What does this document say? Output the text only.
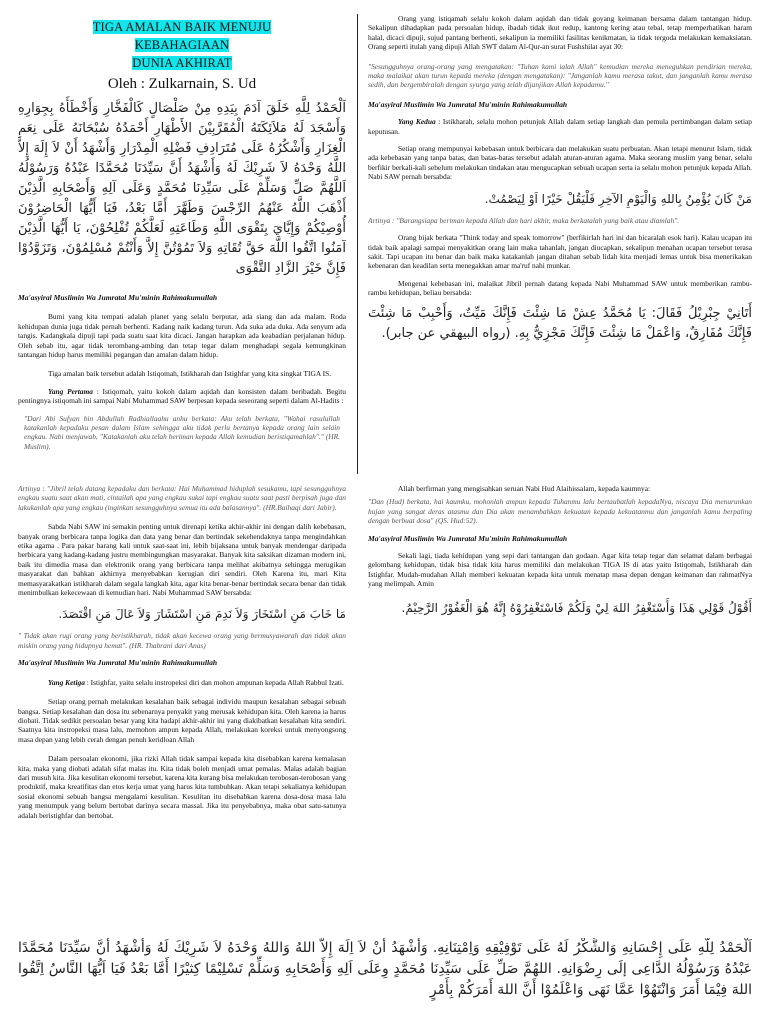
TIGA AMALAN BAIK MENUJU KEBAHAGIAAN
DUNIA AKHIRAT
Oleh : Zulkarnain, S. Ud

اَلْحَمْدُ لِلَّهِ خَلَقَ آدَمَ بِيَدِهِ مِنْ صَلْصَالٍ كَالْفَخَّارِ وَأَخْطَأَهُ بِجِوَارِهِ وَأَسْجَدَ لَهُ مَلاَئِكَتَهُ الْمُقَرَّبِيْنَ الأَطْهَارِ أَحْمَدُهُ سُبْحَانَهُ عَلَى نِعَمِ الْغِزَارِ وَأَشْكُرُهُ عَلَى مُتَرَادِفِ فَضْلِهِ الْمِدْرَارِ وَأَشْهَدُ أَنْ لاَ إِلَهَ إِلاَّ اللَّهُ وَحْدَهُ لاَ شَرِيْكَ لَهُ وَأَشْهَدُ أَنَّ سَيِّدَنَا مُحَمَّدًا عَبْدُهُ وَرَسُوْلُهُ اَللَّهُمَّ صَلِّ وَسَلِّمْ عَلَى سَيِّدِنَا مُحَمَّدٍ وَعَلَى آلِهِ وَأَصْحَابِهِ الَّذِيْنَ أَذْهَبَ اللَّهُ عَنْهُمُ الرِّجْسَ وَطَهَّرَ أَمَّا بَعْدُ، فَيَا أَيُّهَا الْحَاضِرُوْنَ أُوْصِيْكُمْ وَإِيَّايَ بِتَقْوَى اللَّهِ وَطَاعَتِهِ لَعَلَّكُمْ تُفْلِحُوْنَ، يَا أَيُّهَا الَّذِيْنَ آمَنُوا اتَّقُوا اللَّهَ حَقَّ تُقَاتِهِ وَلاَ تَمُوْتُنَّ إِلاَّ وَأَنْتُمْ مُسْلِمُوْنَ، وَتَزَوَّدُوْا فَإِنَّ خَيْرَ الزَّادِ التَّقْوَى

Ma'asyiral Muslimin Wa Jumratal Mu'minin Rahimakumullah

Bumi yang kita tempati adalah planet yang selalu berputar, ada siang dan ada malam. Roda kehidupan dunia juga tidak pernah berhenti. Kadang naik kadang turun. Ada suka ada duka. Ada senyum ada tangis. Kadangkala dipuji tapi pada suatu saat kita dicaci. Jangan harapkan ada keabadian perjalanan hidup. Oleh sebab itu, agar tidak terombang-ambing dan tetap tegar dalam menghadapi segala kemungkinan tantangan hidup harus memiliki pegangan dan amalan dalam hidup.

Tiga amalan baik tersebut adalah Istiqomah, Istikharah dan Istighfar yang kita singkat TIGA IS.

Yang Pertama : Istiqomah, yaitu kokoh dalam aqidah dan konsisten dalam beribadah. Begitu pentingnya istiqomah ini sampai Nabi Muhammad SAW berpesan kepada seseorang seperti dalam Al-Hadits :

"Dari Abi Sufyan bin Abdullah Radhiallaahu anhu berkata: Aku telah berkata, "Wahai rasulullah katakanlah kepadaku pesan dalam Islam sehingga aku tidak perlu bertanya kepada orang lain selain engkau. Nabi menjawab, "Katakanlah aku telah beriman kepada Allah kemudian beristiqamahlah"." (HR. Muslim).

Orang yang istiqamah selalu kokoh dalam aqidah dan tidak goyang keimanan bersama dalam tantangan hidup. Sekalipun dihadapkan pada persoalan hidup, ibadah tidak ikut redup, kantong kering atau tebal, tetap memperhatikan haram halal, dicaci dipuji, sujud pantang berhenti, sekalipun ia memiliki fasilitas kenikmatan, ia tidak tergoda melakukan kemaksiatan. Orang seperti itulah yang dipuji Allah SWT dalam Al-Qur-an surat Fushshilat ayat 30:

"Sesungguhnya orang-orang yang mengatakan: "Tuhan kami ialah Allah" kemudian mereka meneguhkan pendirian mereka, maka malaikat akan turun kepada mereka (dengan mengatakan): "Janganlah kamu merasa takut, dan janganlah kamu merasa sedih, dan bergembiralah dengan syurga yang telah dijanjikan Allah kepadamu."

Ma'asyiral Muslimin Wa Jumratal Mu'minin Rahimakumullah

Yang Kedua : Istikharah, selalu mohon petunjuk Allah dalam setiap langkah dan pemula pertimbangan dalam setiap keputusan.

Setiap orang mempunyai kebebasan untuk berbicara dan melakukan suatu perbuatan. Akan tetapi menurut Islam, tidak ada kebebasan yang tanpa batas, dan batas-batas tersebut adalah aturan-aturan agama. Maka seorang muslim yang benar, selalu berfikir berkali-kali sebelum melakukan tindakan atau mengucapkan sebuah ucapan serta ia selalu mohon petunjuk kepada Allah. Nabi SAW pernah bersabda:

مَنْ كَانَ يُؤْمِنُ بِاللهِ وَالْيَوْمِ الآخِرِ فَلْيَقُلْ خَيْرًا اَوْ لِيَصْمُتْ.

Artinya : "Barangsiapa beriman kepada Allah dan hari akhir, maka berkatalah yang baik atau diamlah".

Orang bijak berkata "Think today and speak tomorrow" (berfikirlah hari ini dan bicaralah esok hari). Kalau ucapan itu tidak baik apalagi sampai menyakitkan orang lain maka tahanlah, jangan diucapkan, sekalipun menahan ucapan tersebut terasa sakit. Tapi ucapan itu benar dan baik maka katakanlah jangan ditahan sebab lidah kita menjadi lemas untuk bisa menerikakan kebenaran dan keadilan serta menegakkan amar ma'ruf nahi munkar.

Mengenai kebebasan ini, malaikat Jibril pernah datang kepada Nabi Muhammad SAW untuk memberikan rambu-rambu kehidupan, beliau bersabda:

أَتَانِيْ جِبْرِيْلُ فَقَالَ: يَا مُحَمَّدُ عِشْ مَا شِئْتَ فَإِنَّكَ مَيِّتٌ، وَأَحْبِبْ مَا شِئْتَ فَإِنَّكَ مُفَارِقٌ، وَاعْمَلْ مَا شِئْتَ فَإِنَّكَ مَجْزِيٌّ بِهِ. (رواه البيهقي عن جابر).

Artinya : "Jibril telah datang kepadaku dan berkata: Hai Muhammad hiduplah sesukamu, tapi sesungguhnya engkau suatu saat akan mati, cintailah apa yang engkau sukai tapi engkau suatu saat pasti berpisah juga dan lakukanlah apa yang engkau (inginkan sesungguhnya semua itu ada balasannya". (HR.Baihaqi dari Jabir).

Sabda Nabi SAW ini semakin penting untuk direnapi ketika akhir-akhir ini dengan dalih kebebasan, banyak orang berbicara tanpa logika dan data yang benar dan bertindak sekehendaknya tanpa mengindahkan etika agama . Para pakar barang kali untuk saat-saat ini, lebih bijaksana untuk banyak mendengar daripada berbicara yang kadang-kadang justru membingungkan masyarakat. Banyak kita saksikan dizaman modern ini, baik itu dimedia masa dan elektronik orang yang berbicara tanpa melihat akibatnya sehingga merugikan masyarakat dan bahkan akhirnya menyebabkan kerugian diri sendiri. Oleh Karena itu, mari Kita memasyarakatkan istikharah dalam segala langkah kita, agar kita benar-benar bertindak secara benar dan tidak menimbulkan kekecewaan di kemudian hari. Nabi Muhammad SAW bersabda:

مَا خَابَ مَنِ اسْتَخَارَ وَلاَ نَدِمَ مَنِ اسْتَشَارَ وَلاَ عَالَ مَنِ اقْتَصَدَ.

" Tidak akan rugi orang yang beristikharah, tidak akan kecewa orang yang bermusyawarah dan tidak akan miskin orang yang hidupnya hemat". (HR. Thabrani dari Anas)

Ma'asyiral Muslimin Wa Jumratal Mu'minin Rahimakumullah

Yang Ketiga : Istighfar, yaitu selalu instropeksi diri dan mohon ampunan kepada Allah Rabbul Izati.

Setiap orang pernah melakukan kesalahan baik sebagai individu maupun kesalahan sebagai sebuah bangsa. Setiap kesalahan dan dosa itu sebenarnya penyakit yang merusak kehidupan kita. Oleh karena ia harus diobati. Tidak sedikit persoalan besar yang kita hadapi akhir-akhir ini yang diakibatkan kesalahan kita sendiri. Saatnya kita instropeksi masa lalu, memohon ampun kepada Allah, melakukan koreksi untuk menyongsong masa depan yang lebih cerah dengan penuh keridloan Allah

Dalam persoalan ekonomi, jika rizki Allah tidak sampai kepada kita disebabkan karena kemalasan kita, maka yang diobati adalah sifat malas itu. Kita tidak boleh menjadi umat pemalas. Malas adalah bagian dari musuh kita. Jika kesulitan ekonomi tersebut, karena kita kurang bisa melakukan terobosan-terobosan yang produktif, maka kreatifitas dan etos kerja umat yang harus kita tumbuhkan. Akan tetapi sekalianya kehidupan sosial ekonomi sebuah bangsa mengalami kesulitan. Kesulitan itu disebabkan karena dosa-dosa masa lalu yang menumpuk yang belum bertobat darinya secara massal. Jika itu penyebabnya, maka obat satu-satunya adalah beristighfar dan bertobat.

Allah berfirman yang mengisahkan seruan Nabi Hud Alaihissalam, kepada kaumnya:

"Dan (Hud) berkata, hai kaumku, mohonlah ampun kepada Tuhanmu lalu bertaubatlah kepadaNya, niscaya Dia menurunkan hujan yang sangat deras atasmu dan Dia akan menambahkan kekuatan kepada kekuatanmu dan janganlah kamu berpaling dengan berbuat dosa" (QS. Hud:52).

Ma'asyiral Muslimin Wa Jumratal Mu'minin Rahimakumullah

Sekali lagi, tiada kehidupan yang sepi dari tantangan dan godaan. Agar kita tetap tegar dan selamat dalam berbagai gelombang kehidupan, tidak bisa tidak kita harus memiliki dan melakukan TIGA IS di atas yaitu Istiqomah, Istikharah dan Istighfar. Mudah-mudahan Allah memberi kekuatan kepada kita untuk menatap masa depan dengan keimanan dan rahmatNya yang melimpah. Amin

أَقُوْلُ قَوْلِي هَذَا وَأَسْتَغْفِرُ اللهَ لِيْ وَلَكُمْ فَاسْتَغْفِرُوْهُ إِنَّهُ هُوَ الْغَفُوْرُ الرَّحِيْمُ.

اَلْحَمْدُ لِلَّهِ عَلَى إِحْسَانِهِ وَالشُّكْرُ لَهُ عَلَى تَوْفِيْقِهِ وَاِمْتِنَانِهِ. وَأَشْهَدُ أَنْ لاَ اِلَهَ إِلاَّ اللهُ وَاللهُ وَحْدَهُ لاَ شَرِيْكَ لَهُ وَأَشْهَدُ أَنَّ سَيِّدَنَا مُحَمَّدًا عَبْدُهُ وَرَسُوْلُهُ الدَّاعِى إلَى رِضْوَانِهِ. اللهُمَّ صَلِّ عَلَى سَيِّدِنَا مُحَمَّدٍ وِعَلَى اَلِهِ وَأَصْحَابِهِ وَسَلِّمْ تَسْلِيْمًا كِثيْرًا أَمَّا بَعْدُ فَيَا اَيُّهَا النَّاسُ اِتَّقُوا اللهَ فِيْمَا أَمَرَ وَانْتَهُوْا عَمَّا نَهَى وَاعْلَمُوْا أَنَّ اللهَ أَمَرَكُمْ بِأَمْرٍ
